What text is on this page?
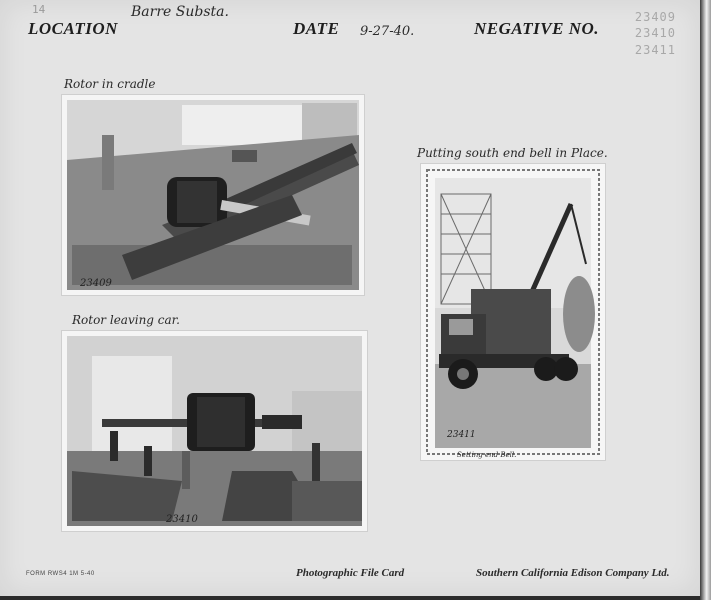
14
LOCATION
Barre Substa.
DATE 9-27-40.	NEGATIVE NO.
23409
23410
23411
Rotor in cradle
23409
Rotor leaving car.
23410
Putting south end bell in Place.
23411
Setting end Bell.
FORM RWS4 1M 5-40	Photographic File Card	Southern California Edison Company Ltd.
